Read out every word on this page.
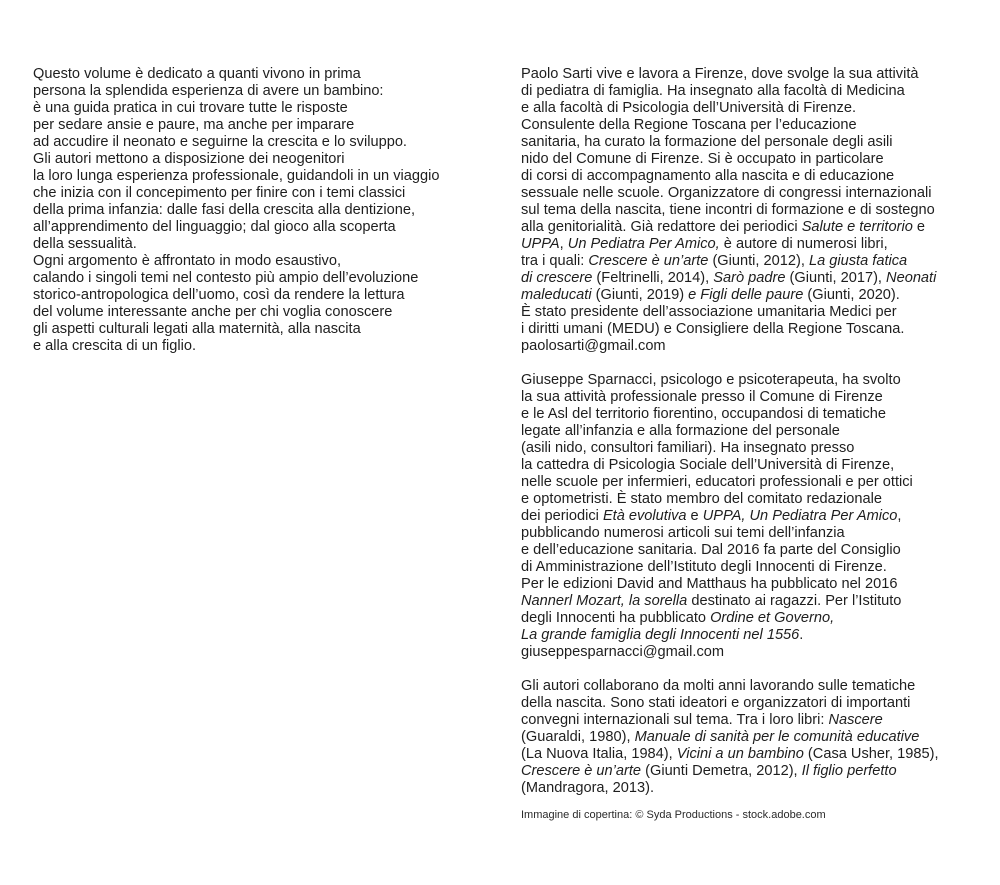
Questo volume è dedicato a quanti vivono in prima
persona la splendida esperienza di avere un bambino:
è una guida pratica in cui trovare tutte le risposte
per sedare ansie e paure, ma anche per imparare
ad accudire il neonato e seguirne la crescita e lo sviluppo.
Gli autori mettono a disposizione dei neogenitori
la loro lunga esperienza professionale, guidandoli in un viaggio
che inizia con il concepimento per finire con i temi classici
della prima infanzia: dalle fasi della crescita alla dentizione,
all’apprendimento del linguaggio; dal gioco alla scoperta
della sessualità.
Ogni argomento è affrontato in modo esaustivo,
calando i singoli temi nel contesto più ampio dell’evoluzione
storico-antropologica dell’uomo, così da rendere la lettura
del volume interessante anche per chi voglia conoscere
gli aspetti culturali legati alla maternità, alla nascita
e alla crescita di un figlio.

Paolo Sarti vive e lavora a Firenze, dove svolge la sua attività
di pediatra di famiglia. Ha insegnato alla facoltà di Medicina
e alla facoltà di Psicologia dell’Università di Firenze.
Consulente della Regione Toscana per l’educazione
sanitaria, ha curato la formazione del personale degli asili
nido del Comune di Firenze. Si è occupato in particolare
di corsi di accompagnamento alla nascita e di educazione
sessuale nelle scuole. Organizzatore di congressi internazionali
sul tema della nascita, tiene incontri di formazione e di sostegno
alla genitorialità. Già redattore dei periodici Salute e territorio e
UPPA, Un Pediatra Per Amico, è autore di numerosi libri,
tra i quali: Crescere è un’arte (Giunti, 2012), La giusta fatica
di crescere (Feltrinelli, 2014), Sarò padre (Giunti, 2017), Neonati
maleducati (Giunti, 2019) e Figli delle paure (Giunti, 2020).
È stato presidente dell’associazione umanitaria Medici per
i diritti umani (MEDU) e Consigliere della Regione Toscana.
paolosarti@gmail.com

Giuseppe Sparnacci, psicologo e psicoterapeuta, ha svolto
la sua attività professionale presso il Comune di Firenze
e le Asl del territorio fiorentino, occupandosi di tematiche
legate all’infanzia e alla formazione del personale
(asili nido, consultori familiari). Ha insegnato presso
la cattedra di Psicologia Sociale dell’Università di Firenze,
nelle scuole per infermieri, educatori professionali e per ottici
e optometristi. È stato membro del comitato redazionale
dei periodici Età evolutiva e UPPA, Un Pediatra Per Amico,
pubblicando numerosi articoli sui temi dell’infanzia
e dell’educazione sanitaria. Dal 2016 fa parte del Consiglio
di Amministrazione dell’Istituto degli Innocenti di Firenze.
Per le edizioni David and Matthaus ha pubblicato nel 2016
Nannerl Mozart, la sorella destinato ai ragazzi. Per l’Istituto
degli Innocenti ha pubblicato Ordine et Governo,
La grande famiglia degli Innocenti nel 1556.
giuseppesparnacci@gmail.com

Gli autori collaborano da molti anni lavorando sulle tematiche
della nascita. Sono stati ideatori e organizzatori di importanti
convegni internazionali sul tema. Tra i loro libri: Nascere
(Guaraldi, 1980), Manuale di sanità per le comunità educative
(La Nuova Italia, 1984), Vicini a un bambino (Casa Usher, 1985),
Crescere è un’arte (Giunti Demetra, 2012), Il figlio perfetto
(Mandragora, 2013).

Immagine di copertina: © Syda Productions - stock.adobe.com
